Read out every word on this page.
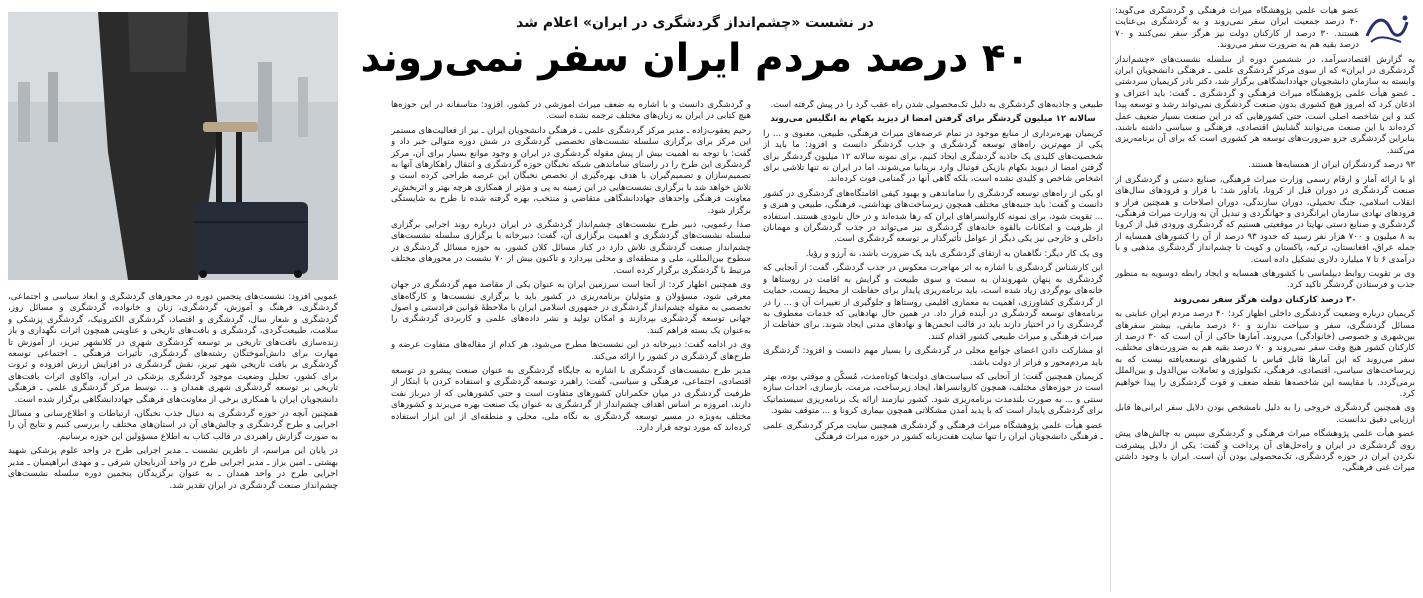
عضو هیأت علمی پژوهشگاه میراث فرهنگی و گردشگری می‌گوید: ۴۰ درصد جمعیت ایران سفر نمی‌روند و به گردشگری بی‌عنایت هستند. ۳۰ درصد از کارکنان دولت نیز هرگز سفر نمی‌کنند و ۷۰ درصد بقیه هم به ضرورت سفر می‌روند.

به گزارش اقتصادسرآمد، در ششمین دوره از سلسله نشست‌های «چشم‌انداز گردشگری در ایران» که از سوی مرکز گردشگری علمی ـ فرهنگی دانشجویان ایران وابسته به سازمان دانشجویان جهاددانشگاهی برگزار شد، دکتر نادر کریمیان سردشتی ـ عضو هیأت علمی پژوهشگاه میراث فرهنگی و گردشگری ـ گفت: باید اعتراف و اذعان کرد که امروز هیچ کشوری بدون صنعت گردشگری نمی‌تواند رشد و توسعه پیدا کند و این شاخصه اصلی است، حتی کشورهایی که در این صنعت بسیار ضعیف عمل کرده‌اند با این صنعت می‌توانند گشایش اقتصادی، فرهنگی و سیاسی داشته باشند، بنابراین گردشگری جزو ضرورت‌های توسعه هر کشوری است که برای آن برنامه‌ریزی می‌کنند.

۹۳ درصد گردشگران ایران از همسایه‌ها هستند.

او با ارائه آمار و ارقام رسمی وزارت میراث فرهنگی، صنایع دستی و گردشگری از صنعت گردشگری در دوران قبل از کرونا، یادآور شد: با فراز و فرودهای سال‌های انقلاب اسلامی، جنگ تحمیلی، دوران سازندگی، دوران اصلاحات و همچنین فراز و فرودهای نهادی سازمان ایرانگردی و جهانگردی و تبدیل آن به وزارت میراث فرهنگی، گردشگری و صنایع دستی نهایتا در موقعیتی هستیم که گردشگری ورودی قبل از کرونا به ۸ میلیون و ۷۰۰ هزار نفر رسید که حدود ۹۳ درصد از آن را کشورهای همسایه از جمله عراق، افغانستان، ترکیه، پاکستان و کویت تا چشم‌انداز گردشگری مذهبی و با درآمدی ۶ تا ۷ میلیارد دلاری تشکیل داده است.

وی بر تقویت روابط دیپلماسی با کشورهای همسایه و ایجاد رابطه دوسویه به منظور جذب و فرستادن گردشگر تاکید کرد.

۳۰ درصد کارکنان دولت هرگز سفر نمی‌روند

کریمیان درباره وضعیت گردشگری داخلی اظهار کرد: ۴۰ درصد مردم ایران عنایتی به مسائل گردشگری، سفر و سیاحت ندارند و ۶۰ درصد مابقی، بیشتر سفرهای بین‌شهری و خصوصی (خانوادگی) می‌روند. آمارها حاکی از آن است که ۳۰ درصد از کارکنان کشور هیچ وقت سفر نمی‌روند و ۷۰ درصد بقیه هم به ضرورت‌های مختلف، سفر می‌روند که این آمارها قابل قیاس با کشورهای توسعه‌یافته نیست که به زیرساخت‌های سیاسی، اقتصادی، فرهنگی، تکنولوژی و تعاملات بین‌الدول و بین‌الملل برمی‌گردد. با مقایسه این شاخصه‌ها نقطه ضعف و قوت گردشگری را پیدا خواهیم کرد.

وی همچنین گردشگری خروجی را به دلیل نامشخص بودن دلایل سفر ایرانی‌ها قابل ارزیابی دقیق ندانست.

عضو هیأت علمی پژوهشگاه میراث فرهنگی و گردشگری سپس به چالش‌های پیش روی گردشگری در ایران و راه‌حل‌های آن پرداخت و گفت: یکی از دلایل پیشرفت نکردن ایران در حوزه گردشگری، تک‌محصولی بودن آن است. ایران با وجود داشتن میراث غنی فرهنگی،

در نشست «چشم‌انداز گردشگری در ایران» اعلام شد

۴۰ درصد مردم ایران سفر نمی‌روند

طبیعی و جاذبه‌های گردشگری به دلیل تک‌محصولی شدن راه عقب گرد را در پیش گرفته است.

سالانه ۱۲ میلیون گردشگر برای گرفتن امضا از دیزید بکهام به انگلیس می‌روند

کریمیان بهره‌برداری از منابع موجود در تمام عرصه‌های میراث فرهنگی، طبیعی، معنوی و ... را یکی از مهم‌ترین راه‌های توسعه گردشگری و جذب گردشگر دانست و افزود: ما باید از شخصیت‌های کلیدی یک جاذبه گردشگری ایجاد کنیم، برای نمونه سالانه ۱۲ میلیون گردشگر برای گرفتن امضا از دیوید بکهام بازیکن فوتبال وارد بریتانیا می‌شوند، اما در ایران نه تنها تلاشی برای اشخاص شاخص و کلیدی نشده است، بلکه گاهی آنها در گمنامی فوت کرده‌اند.

او یکی از راه‌های توسعه گردشگری را ساماندهی و بهبود کیفی اقامتگاه‌های گردشگری در کشور دانست و گفت: باید جنبه‌های مختلف همچون زیرساخت‌های بهداشتی، فرهنگی، طبیعی و هنری و ... تقویت شود، برای نمونه کاروانسراهای ایران که رها شده‌اند و در حال نابودی هستند. استفاده از ظرفیت و امکانات بالقوه خانه‌های گردشگری نیز می‌تواند در جذب گردشگران و مهمانان داخلی و خارجی نیز یکی دیگر از عوامل تأثیرگذار بر توسعه گردشگری است.

وی یک کار دیگر: نگاهمان به ارتقای گردشگری باید یک ضرورت باشد، نه آرزو و رؤیا.

این کارشناس گردشگری با اشاره به اثر مهاجرت معکوس در جذب گردشگر، گفت: از آنجایی که گردشگری به پنهان شهروندان به سمت و سوی طبیعت و گرایش به اقامت در روستاها و خانه‌های بوم‌گردی زیاد شده است، باید برنامه‌ریزی پایدار برای حفاظت از محیط زیست، حمایت از گردشگری کشاورزی، اهمیت به معماری اقلیمی روستاها و جلوگیری از تغییرات آن و ... را در برنامه‌های توسعه گردشگری در آینده قرار داد. در همین حال نهادهایی که خدمات معطوف به گردشگری را در اختیار دارند باید در قالب انجمن‌ها و نهادهای مدنی ایجاد شوند. برای حفاظت از میراث فرهنگی و میراث طبیعی کشور اقدام کنند.

او مشارکت دادن اعضای جوامع محلی در گردشگری را بسیار مهم دانست و افزود: گردشگری باید مردم‌محور و فراتر از دولت باشد.

کریمیان همچنین گفت: از آنجایی که سیاست‌های دولت‌ها کوتاه‌مدت، مُسکّن و موقتی بوده، بهتر است در حوزه‌های مختلف، همچون کاروانسراها، ایجاد زیرساخت، مرمت، بازسازی، احداث سازه سنتی و ... به صورت بلندمدت برنامه‌ریزی شود. کشور نیازمند ارائه یک برنامه‌ریزی سیستماتیک برای گردشگری پایدار است که با پدید آمدن مشکلاتی همچون بیماری کرونا و ... متوقف نشود.

عضو هیأت علمی پژوهشگاه میراث فرهنگی و گردشگری همچنین سایت مرکز گردشگری علمی ـ فرهنگی دانشجویان ایران را تنها سایت هفت‌زبانه کشور در حوزه میراث فرهنگی

و گردشگری دانست و با اشاره به ضعف میراث آموزشی در کشور، افزود: متاسفانه در این حوزه‌ها هیچ کتابی در ایران به زبان‌های مختلف ترجمه نشده است.

رحیم یعقوب‌زاده ـ مدیر مرکز گردشگری علمی ـ فرهنگی دانشجویان ایران ـ نیز از فعالیت‌های مستمر این مرکز برای برگزاری سلسله نشست‌های تخصصی گردشگری در شش دوره متوالی خبر داد و گفت: با توجه به اهمیت بیش از پیش مقوله گردشگری در ایران و وجود موانع بسیار برای آن، مرکز گردشگری این طرح را در راستای ساماندهی شبکه نخبگان حوزه گردشگری و انتقال راهکارهای آنها به تصمیم‌سازان و تصمیم‌گیران با هدف بهره‌گیری از تخصص نخبگان این عرصه طراحی کرده است و تلاش خواهد شد با برگزاری نشست‌هایی در این زمینه به پی و مؤثر از همکاری هرچه بهتر و اثربخش‌تر معاونت فرهنگی واحدهای جهاددانشگاهی متقاضی و منتخب، بهره گرفته شده تا طرح به شایستگی برگزار شود.

صدا رعمویی، دبیر طرح نشست‌های چشم‌انداز گردشگری در ایران درباره روند اجرایی برگزاری سلسله نشست‌های گردشگری و اهمیت برگزاری آن، گفت: دبیرخانه با برگزاری سلسله نشست‌های چشم‌انداز صنعت گردشگری تلاش دارد در کنار مسائل کلان کشور، به حوزه مسائل گردشگری در سطوح بین‌المللی، ملی و منطقه‌ای و محلی بپردازد و تاکنون بیش از ۷۰ نشست در محورهای مختلف مرتبط با گردشگری برگزار کرده است.

وی همچنین اظهار کرد: از آنجا است سرزمین ایران به عنوان یکی از مقاصد مهم گردشگری در جهان معرفی شود، مسؤولان و متولیان برنامه‌ریزی در کشور باید با برگزاری نشست‌ها و کارگاه‌های تخصصی به مقوله چشم‌انداز گردشگری در جمهوری اسلامی ایران با ملاحظهٔ قوانین فرادستی و اصول جهانی توسعه گردشگری بپردازند و امکان تولید و نشر داده‌های علمی و کاربردی گردشگری را به‌عنوان یک بسته فراهم کنند.

وی در ادامه گفت: دبیرخانه در این نشست‌ها مطرح می‌شود، هر کدام از مقاله‌های متفاوت عرضه و طرح‌های گردشگری در کشور را ارائه می‌کند.

مدیر طرح نشست‌های گردشگری با اشاره به جایگاه گردشگری به عنوان صنعت پیشرو در توسعه اقتصادی، اجتماعی، فرهنگی و سیاسی، گفت: راهبرد توسعه گردشگری و استفاده کردن با ابتکار از ظرفیت گردشگری در میان حکمرانان کشورهای متفاوت است و حتی کشورهایی که از دیرباز نفت دارند، امروزه بر اساس اهداف چشم‌انداز از گردشگری به عنوان یک صنعت بهره می‌برند و کشورهای مختلف به‌ویژه در مسیر توسعه گردشگری به نگاه ملی، محلی و منطقه‌ای از این ابزار استفاده کرده‌اند که مورد توجه قرار دارد.

عمویی افزود: نشست‌های پنجمین دوره در محورهای گردشگری و ابعاد سیاسی و اجتماعی، گردشگری، فرهنگ و آموزش، گردشگری، زنان و خانواده، گردشگری و مسائل روز، گردشگری و شعار سال، گردشگری و اقتصاد، گردشگری الکترونیک، گردشگری پزشکی و سلامت، طبیعت‌گردی، گردشگری و بافت‌های تاریخی و عناوینی همچون اثرات نگهداری و باز زنده‌سازی بافت‌های تاریخی بر توسعه گردشگری شهری در کلانشهر تبریز، از آموزش تا مهارت برای دانش‌آموختگان رشته‌های گردشگری، تأثیرات فرهنگی ـ اجتماعی توسعه گردشگری بر بافت تاریخی شهر تبریز، نقش گردشگری در افزایش ارزش افزوده و ثروت برای کشور، تحلیل وضعیت موجود گردشگری پزشکی در ایران، واکاوی اثرات بافت‌های تاریخی بر توسعه گردشگری شهری همدان و ... توسط مرکز گردشگری علمی ـ فرهنگی دانشجویان ایران با همکاری برخی از معاونت‌های فرهنگی جهاددانشگاهی برگزار شده است.

همچنین آنچه در حوزه گردشگری به دنبال جذب نخبگان، ارتباطات و اطلاع‌رسانی و مسائل اجرایی و طرح گردشگری و چالش‌های آن در استان‌های مختلف را بررسی کنیم و نتایج آن را به صورت گزارش راهبردی در قالب کتاب به اطلاع مسؤولین این حوزه برسانیم.

در پایان این مراسم، از ناظرین نشست ـ مدیر اجرایی طرح در واحد علوم پزشکی شهید بهشتی ـ امین بزاز ـ مدیر اجرایی طرح در واحد آذربایجان شرقی ـ و مهدی ابراهیمیان ـ مدیر اجرایی طرح در واحد همدان ـ به عنوان برگزیدگان پنجمین دوره سلسله نشست‌های چشم‌انداز صنعت گردشگری در ایران تقدیر شد.
